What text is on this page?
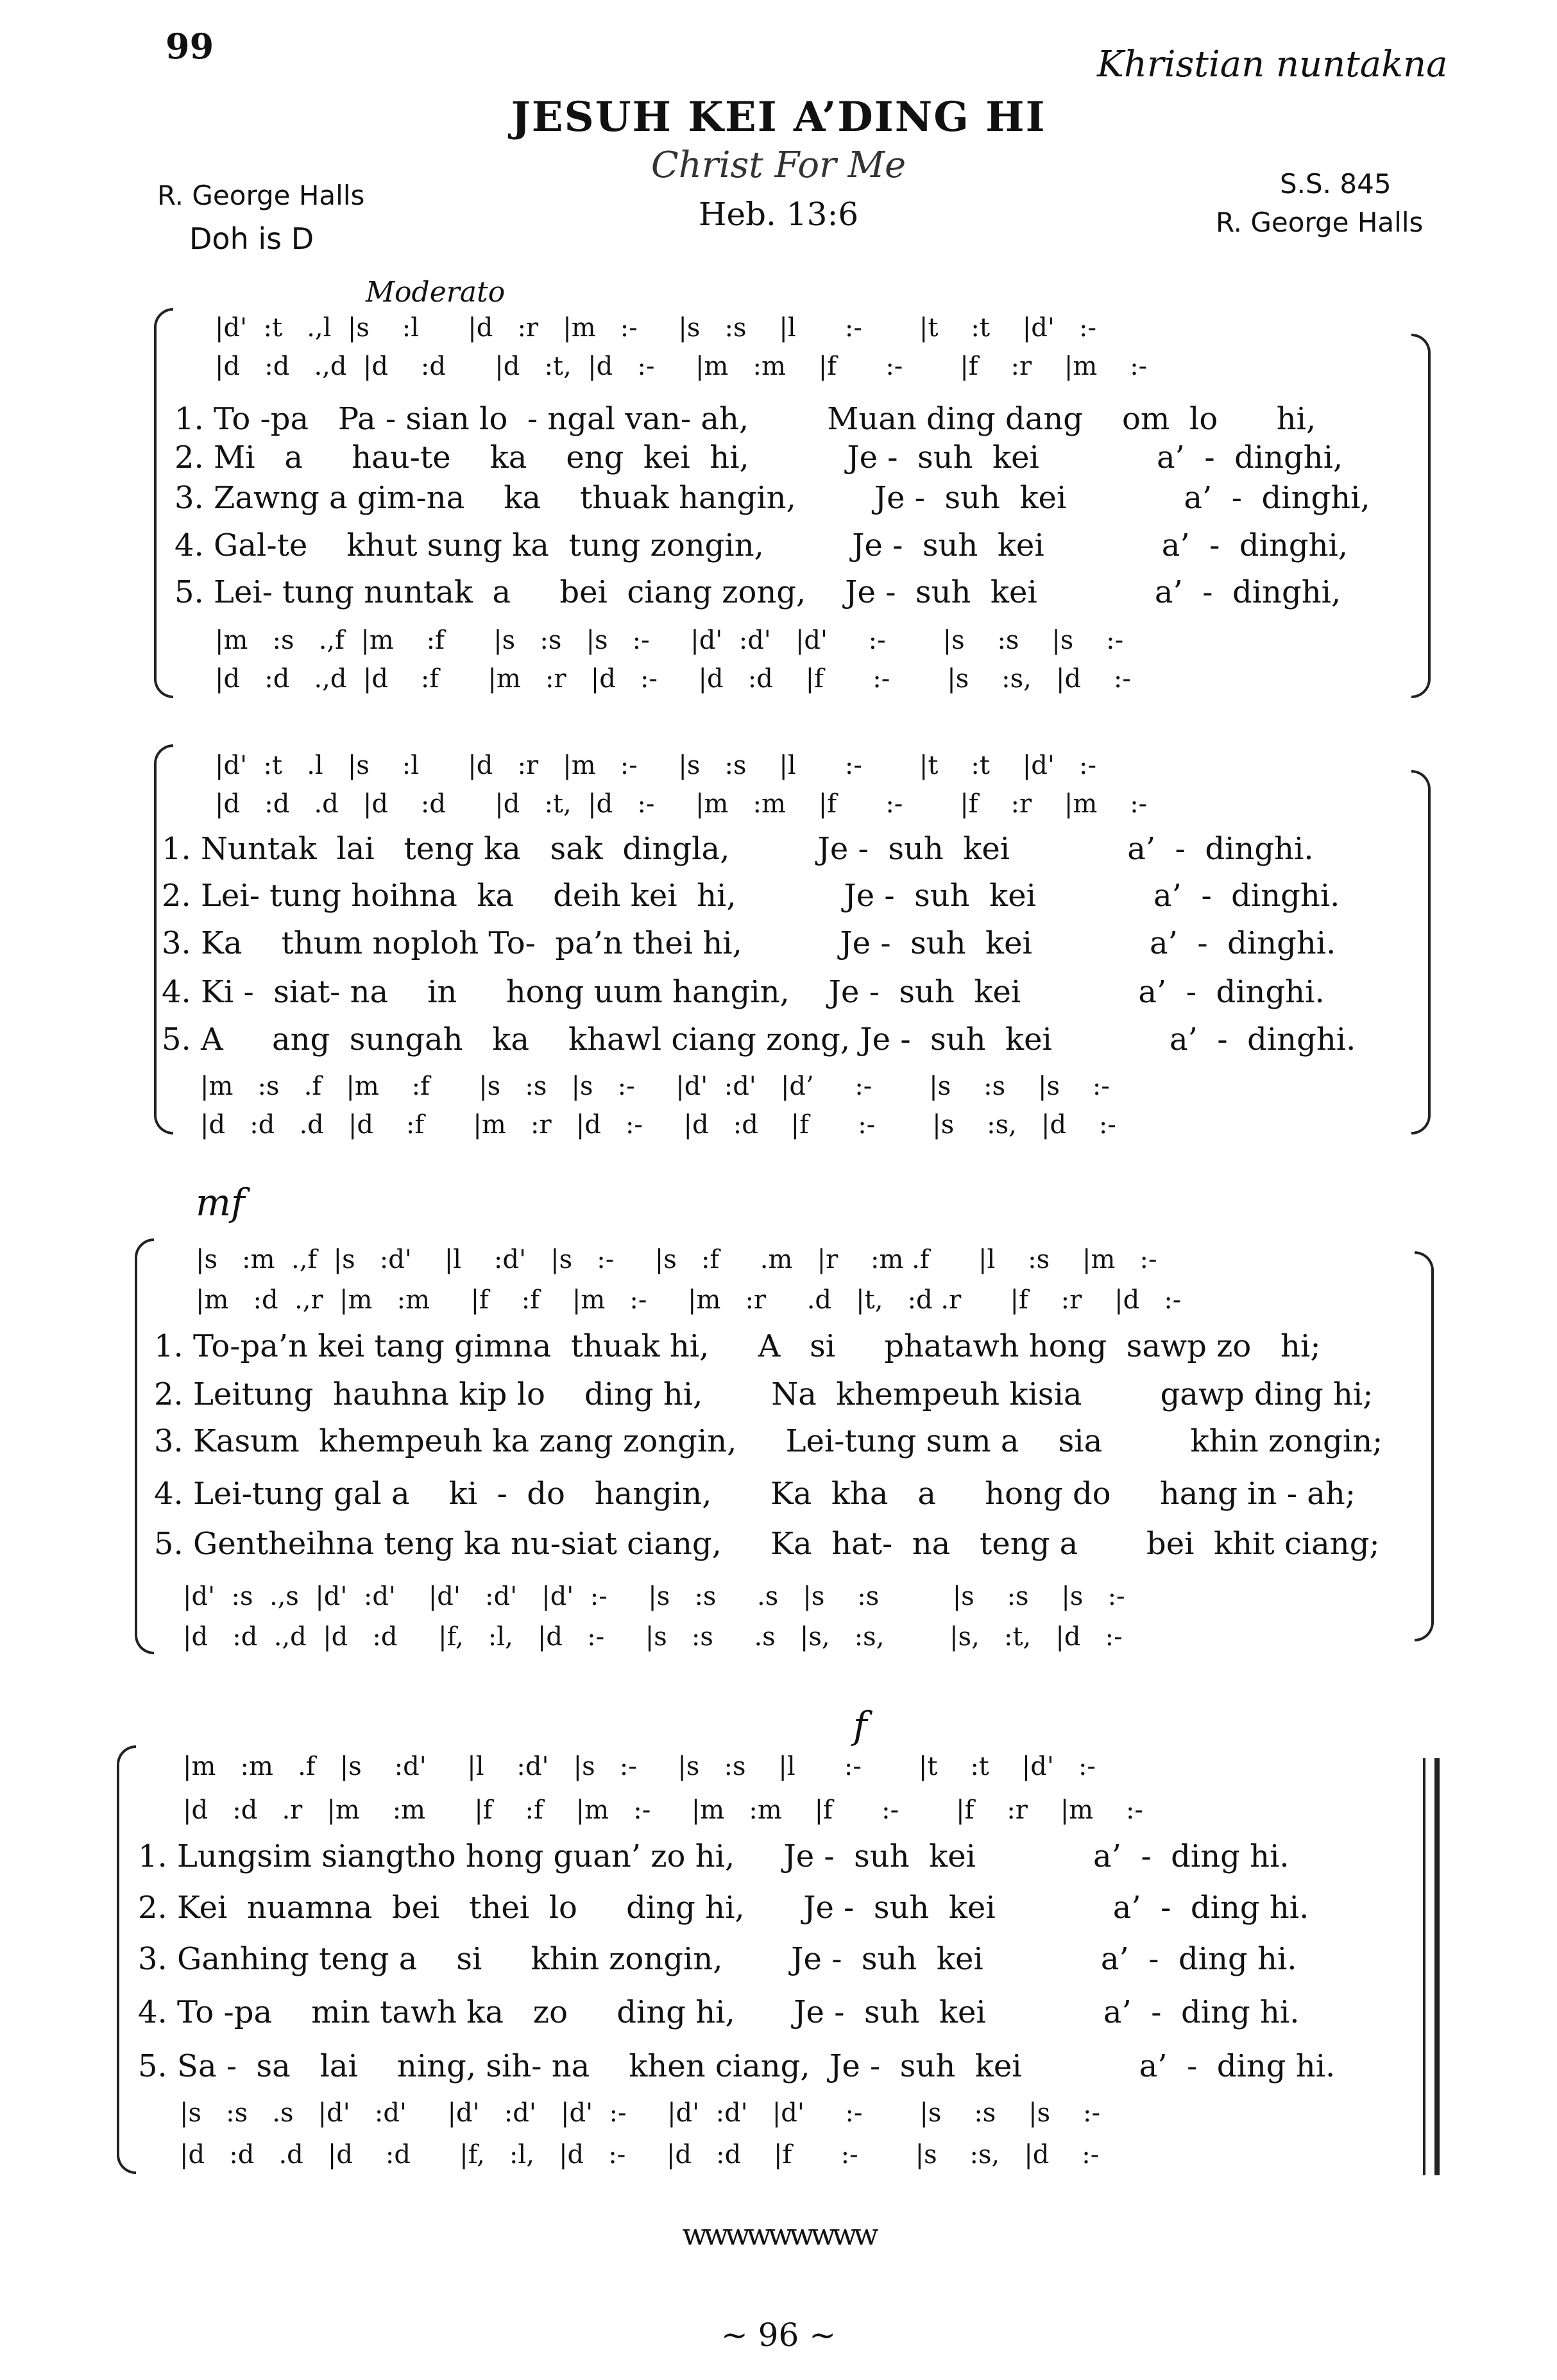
99	Khristian nuntakna
JESUH KEI A’DING HI
Christ For Me
Heb. 13:6
R. George Halls
Doh is D
S.S. 845
R. George Halls
Moderato
|d'  :t   .,l  |s    :l      |d   :r   |m   :-     |s   :s    |l      :-       |t    :t    |d'   :-
|d   :d   .,d  |d    :d      |d   :t,  |d   :-     |m   :m    |f      :-       |f    :r    |m    :-
1. To -pa   Pa - sian lo  - ngal van- ah,        Muan ding dang    om  lo      hi,
2. Mi   a     hau-te    ka    eng  kei  hi,          Je -  suh  kei            a’  -  dinghi,
3. Zawng a gim-na    ka    thuak hangin,        Je -  suh  kei            a’  -  dinghi,
4. Gal-te    khut sung ka  tung zongin,         Je -  suh  kei            a’  -  dinghi,
5. Lei- tung nuntak  a     bei  ciang zong,    Je -  suh  kei            a’  -  dinghi,
|m   :s   .,f  |m    :f      |s   :s   |s   :-     |d'  :d'   |d'     :-       |s    :s    |s    :-
|d   :d   .,d  |d    :f      |m   :r   |d   :-     |d   :d    |f      :-       |s    :s,   |d    :-
|d'  :t   .l   |s    :l      |d   :r   |m   :-     |s   :s    |l      :-       |t    :t    |d'   :-
|d   :d   .d   |d    :d      |d   :t,  |d   :-     |m   :m    |f      :-       |f    :r    |m    :-
1. Nuntak  lai   teng ka   sak  dingla,         Je -  suh  kei            a’  -  dinghi.
2. Lei- tung hoihna  ka    deih kei  hi,           Je -  suh  kei            a’  -  dinghi.
3. Ka    thum noploh To-  pa’n thei hi,          Je -  suh  kei            a’  -  dinghi.
4. Ki -  siat- na    in     hong uum hangin,    Je -  suh  kei            a’  -  dinghi.
5. A     ang  sungah   ka    khawl ciang zong, Je -  suh  kei            a’  -  dinghi.
|m   :s   .f   |m    :f      |s   :s   |s   :-     |d'  :d'   |d’     :-       |s    :s    |s    :-
|d   :d   .d   |d    :f      |m   :r   |d   :-     |d   :d    |f      :-       |s    :s,   |d    :-
mf
|s   :m  .,f  |s   :d'    |l    :d'   |s   :-     |s   :f     .m   |r    :m .f      |l    :s    |m   :-
|m   :d  .,r  |m   :m     |f    :f    |m   :-     |m   :r     .d   |t,   :d .r      |f    :r    |d   :-
1. To-pa’n kei tang gimna  thuak hi,     A   si     phatawh hong  sawp zo   hi;
2. Leitung  hauhna kip lo    ding hi,       Na  khempeuh kisia        gawp ding hi;
3. Kasum  khempeuh ka zang zongin,     Lei-tung sum a    sia         khin zongin;
4. Lei-tung gal a    ki  -  do   hangin,      Ka  kha   a     hong do     hang in - ah;
5. Gentheihna teng ka nu-siat ciang,     Ka  hat-  na   teng a       bei  khit ciang;
|d'  :s  .,s  |d'  :d'    |d'   :d'   |d'  :-     |s   :s     .s   |s    :s         |s    :s    |s   :-
|d   :d  .,d  |d   :d     |f,   :l,   |d   :-     |s   :s     .s   |s,   :s,        |s,   :t,   |d   :-
f
|m   :m   .f   |s    :d'     |l    :d'   |s   :-     |s   :s    |l      :-       |t    :t    |d'   :-
|d   :d   .r   |m    :m      |f    :f    |m   :-     |m   :m    |f      :-       |f    :r    |m    :-
1. Lungsim siangtho hong guan’ zo hi,     Je -  suh  kei            a’  -  ding hi.
2. Kei  nuamna  bei   thei  lo     ding hi,      Je -  suh  kei            a’  -  ding hi.
3. Ganhing teng a    si     khin zongin,       Je -  suh  kei            a’  -  ding hi.
4. To -pa    min tawh ka   zo     ding hi,      Je -  suh  kei            a’  -  ding hi.
5. Sa -  sa   lai    ning, sih- na    khen ciang,  Je -  suh  kei            a’  -  ding hi.
|s   :s   .s   |d'   :d'     |d'   :d'   |d'  :-     |d'  :d'   |d'     :-       |s    :s    |s    :-
|d   :d   .d   |d    :d      |f,   :l,   |d   :-     |d   :d    |f      :-       |s    :s,   |d    :-
wwwwwwwww
~ 96 ~
